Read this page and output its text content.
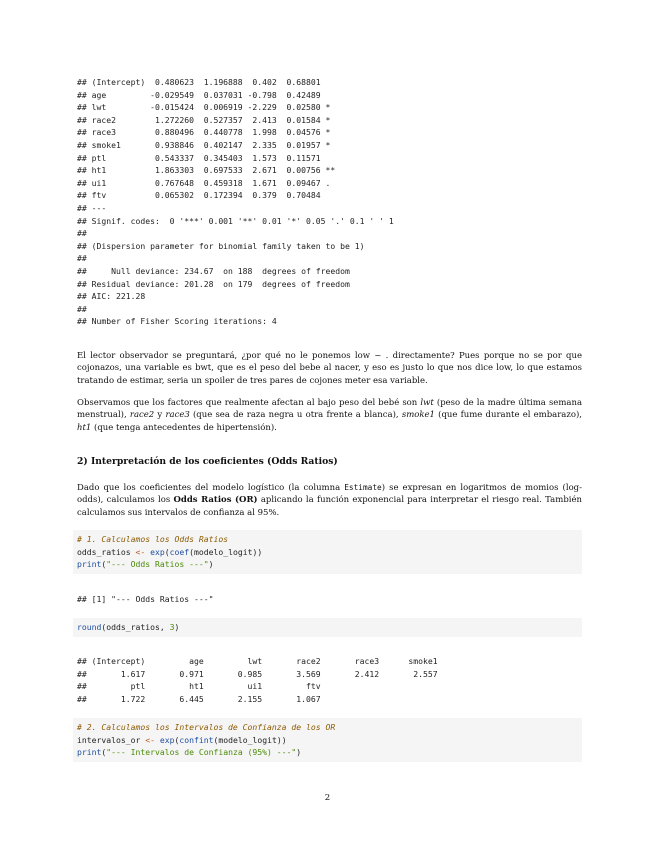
## (Intercept)  0.480623  1.196888  0.402  0.68801
## age         -0.029549  0.037031 -0.798  0.42489
## lwt         -0.015424  0.006919 -2.229  0.02580 *
## race2        1.272260  0.527357  2.413  0.01584 *
## race3        0.880496  0.440778  1.998  0.04576 *
## smoke1       0.938846  0.402147  2.335  0.01957 *
## ptl          0.543337  0.345403  1.573  0.11571
## ht1          1.863303  0.697533  2.671  0.00756 **
## ui1          0.767648  0.459318  1.671  0.09467 .
## ftv          0.065302  0.172394  0.379  0.70484
## ---
## Signif. codes:  0 '***' 0.001 '**' 0.01 '*' 0.05 '.' 0.1 ' ' 1
##
## (Dispersion parameter for binomial family taken to be 1)
##
##     Null deviance: 234.67  on 188  degrees of freedom
## Residual deviance: 201.28  on 179  degrees of freedom
## AIC: 221.28
##
## Number of Fisher Scoring iterations: 4

El lector observador se preguntará, ¿por qué no le ponemos low ~ . directamente? Pues porque no se por que cojonazos, una variable es bwt, que es el peso del bebe al nacer, y eso es justo lo que nos dice low, lo que estamos tratando de estimar, seria un spoiler de tres pares de cojones meter esa variable.

Observamos que los factores que realmente afectan al bajo peso del bebé son lwt (peso de la madre última semana menstrual), race2 y race3 (que sea de raza negra u otra frente a blanca), smoke1 (que fume durante el embarazo), ht1 (que tenga antecedentes de hipertensión).

2) Interpretación de los coeficientes (Odds Ratios)

Dado que los coeficientes del modelo logístico (la columna Estimate) se expresan en logaritmos de momios (log-odds), calculamos los Odds Ratios (OR) aplicando la función exponencial para interpretar el riesgo real. También calculamos sus intervalos de confianza al 95%.

# 1. Calculamos los Odds Ratios
odds_ratios <- exp(coef(modelo_logit))
print("--- Odds Ratios ---")
## [1] "--- Odds Ratios ---"
round(odds_ratios, 3)
## (Intercept)         age         lwt       race2       race3      smoke1
##       1.617       0.971       0.985       3.569       2.412       2.557
##         ptl         ht1         ui1         ftv
##       1.722       6.445       2.155       1.067
# 2. Calculamos los Intervalos de Confianza de los OR
intervalos_or <- exp(confint(modelo_logit))
print("--- Intervalos de Confianza (95%) ---")
2
